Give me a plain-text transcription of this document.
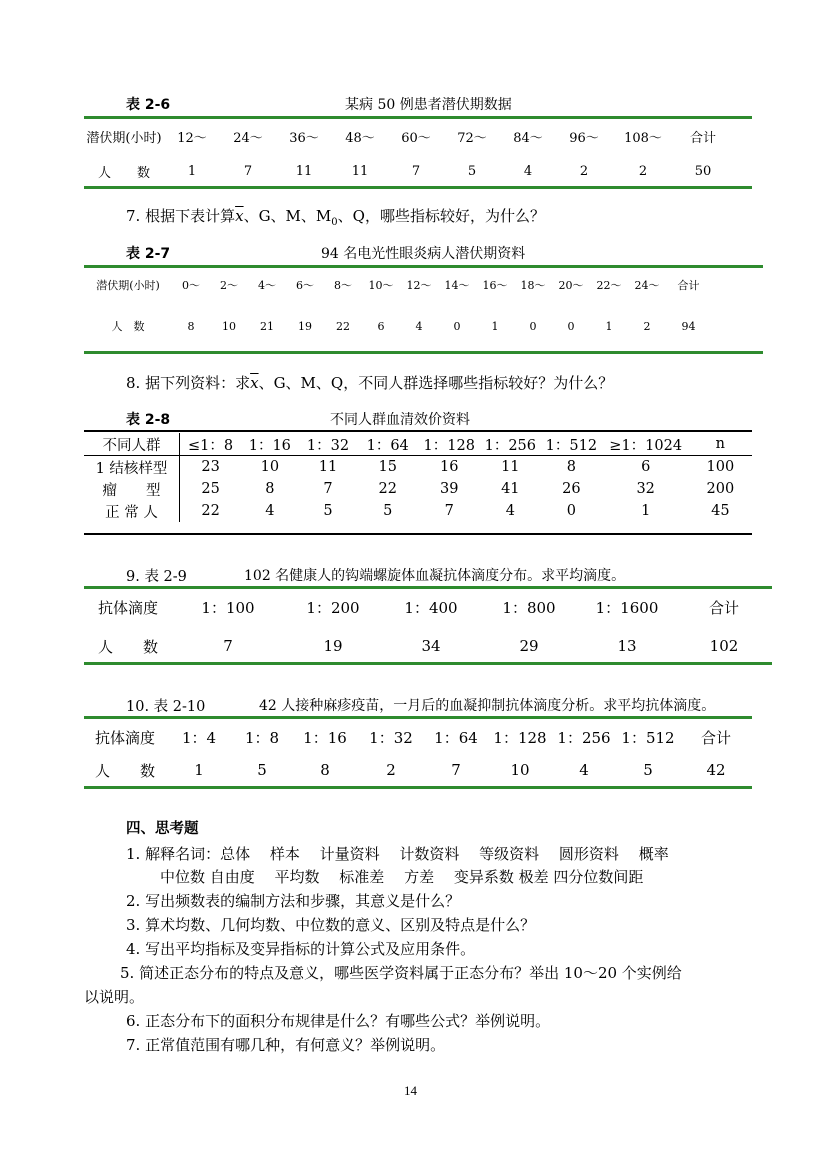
表 2-6	某病 50 例患者潜伏期数据
潜伏期(小时)	12～	24～	36～	48～	60～	72～	84～	96～	108～	合计
人　　数	1	7	11	11	7	5	4	2	2	50
7. 根据下表计算$\overline{x}$、G、M、$M_0$、Q，哪些指标较好，为什么？
表 2-7	94 名电光性眼炎病人潜伏期资料
潜伏期(小时)	0～	2～	4～	6～	8～	10～	12～	14～	16～	18～	20～	22～	24～	合计
人　数	8	10	21	19	22	6	4	0	1	0	0	1	2	94
8. 据下列资料：求$\overline{x}$、G、M、Q，不同人群选择哪些指标较好？为什么？
表 2-8	不同人群血清效价资料
不同人群	≤1：8	1：16	1：32	1：64	1：128	1：256	1：512	≥1：1024	n
1 结核样型	23	10	11	15	16	11	8	6	100
瘤　　型	25	8	7	22	39	41	26	32	200
正 常 人	22	4	5	5	7	4	0	1	45
9. 表 2-9	102 名健康人的钩端螺旋体血凝抗体滴度分布。求平均滴度。
抗体滴度	1：100	1：200	1：400	1：800	1：1600	合计
人　　数	7	19	34	29	13	102
10. 表 2-10	42 人接种麻疹疫苗，一月后的血凝抑制抗体滴度分析。求平均抗体滴度。
抗体滴度	1：4	1：8	1：16	1：32	1：64	1：128 1：256 1：512	合计
人　　数	1	5	8	2	7	10	4	5	42
四、思考题
1. 解释名词：总体　 样本　 计量资料　 计数资料　 等级资料　 圆形资料　 概率
中位数 自由度　 平均数　 标准差　 方差　 变异系数 极差 四分位数间距
2. 写出频数表的编制方法和步骤，其意义是什么？
3. 算术均数、几何均数、中位数的意义、区别及特点是什么？
4. 写出平均指标及变异指标的计算公式及应用条件。
5. 简述正态分布的特点及意义，哪些医学资料属于正态分布？举出 10～20 个实例给
以说明。
6. 正态分布下的面积分布规律是什么？有哪些公式？举例说明。
7. 正常值范围有哪几种，有何意义？举例说明。
14
